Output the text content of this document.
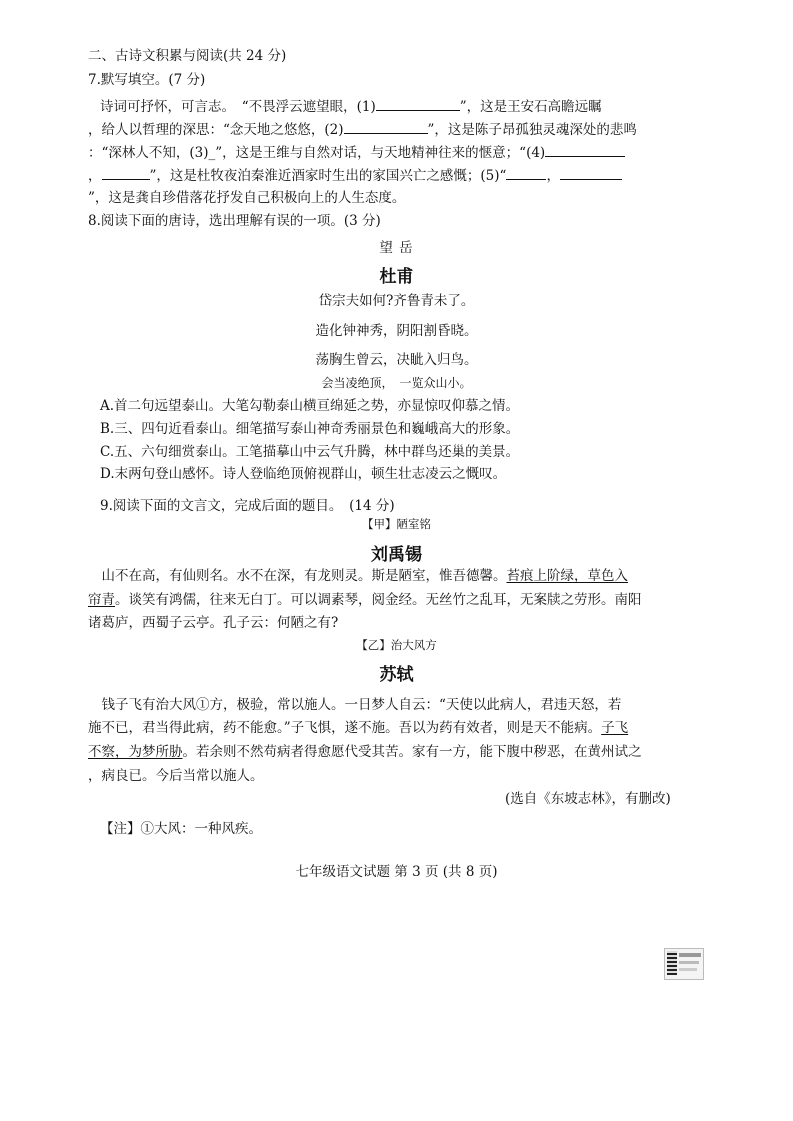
二、古诗文积累与阅读(共 24 分)
7.默写填空。(7 分)
诗词可抒怀，可言志。　“不畏浮云遮望眼，(1)	”，这是王安石高瞻远瞩
，给人以哲理的深思：“念天地之悠悠，(2)	”，这是陈子昂孤独灵魂深处的悲鸣
：“深林人不知，(3)_”，这是王维与自然对话，与天地精神往来的惬意；“(4)
，	”，这是杜牧夜泊秦淮近酒家时生出的家国兴亡之感慨；(5)“	，
”，这是龚自珍借落花抒发自己积极向上的人生态度。
8.阅读下面的唐诗，选出理解有误的一项。(3 分)
望 岳
杜甫
岱宗夫如何?齐鲁青未了。
造化钟神秀，阴阳割昏晓。
荡胸生曾云，决眦入归鸟。
会当凌绝顶，　一览众山小。
A.首二句远望泰山。大笔勾勒泰山横亘绵延之势，亦显惊叹仰慕之情。
B.三、四句近看泰山。细笔描写泰山神奇秀丽景色和巍峨高大的形象。
C.五、六句细赏泰山。工笔描摹山中云气升腾，林中群鸟还巢的美景。
D.末两句登山感怀。诗人登临绝顶俯视群山，顿生壮志凌云之慨叹。
9.阅读下面的文言文，完成后面的题目。　(14 分)
【甲】陋室铭
刘禹锡
　山不在高，有仙则名。水不在深，有龙则灵。斯是陋室，惟吾德馨。苔痕上阶绿，草色入
帘青。谈笑有鸿儒，往来无白丁。可以调素琴，阅金经。无丝竹之乱耳，无案牍之劳形。南阳
诸葛庐，西蜀子云亭。孔子云：何陋之有?
【乙】治大风方
苏轼
　钱子飞有治大风①方，极验，常以施人。一日梦人自云：“天使以此病人，君违天怒，若
施不已，君当得此病，药不能愈。”子飞惧，遂不施。吾以为药有效者，则是天不能病。子飞
不察，为梦所胁。若余则不然苟病者得愈愿代受其苦。家有一方，能下腹中秽恶，在黄州试之
，病良已。今后当常以施人。
(选自《东坡志林》，有删改)
【注】①大风：一种风疾。
七年级语文试题 第 3 页 (共 8 页)
